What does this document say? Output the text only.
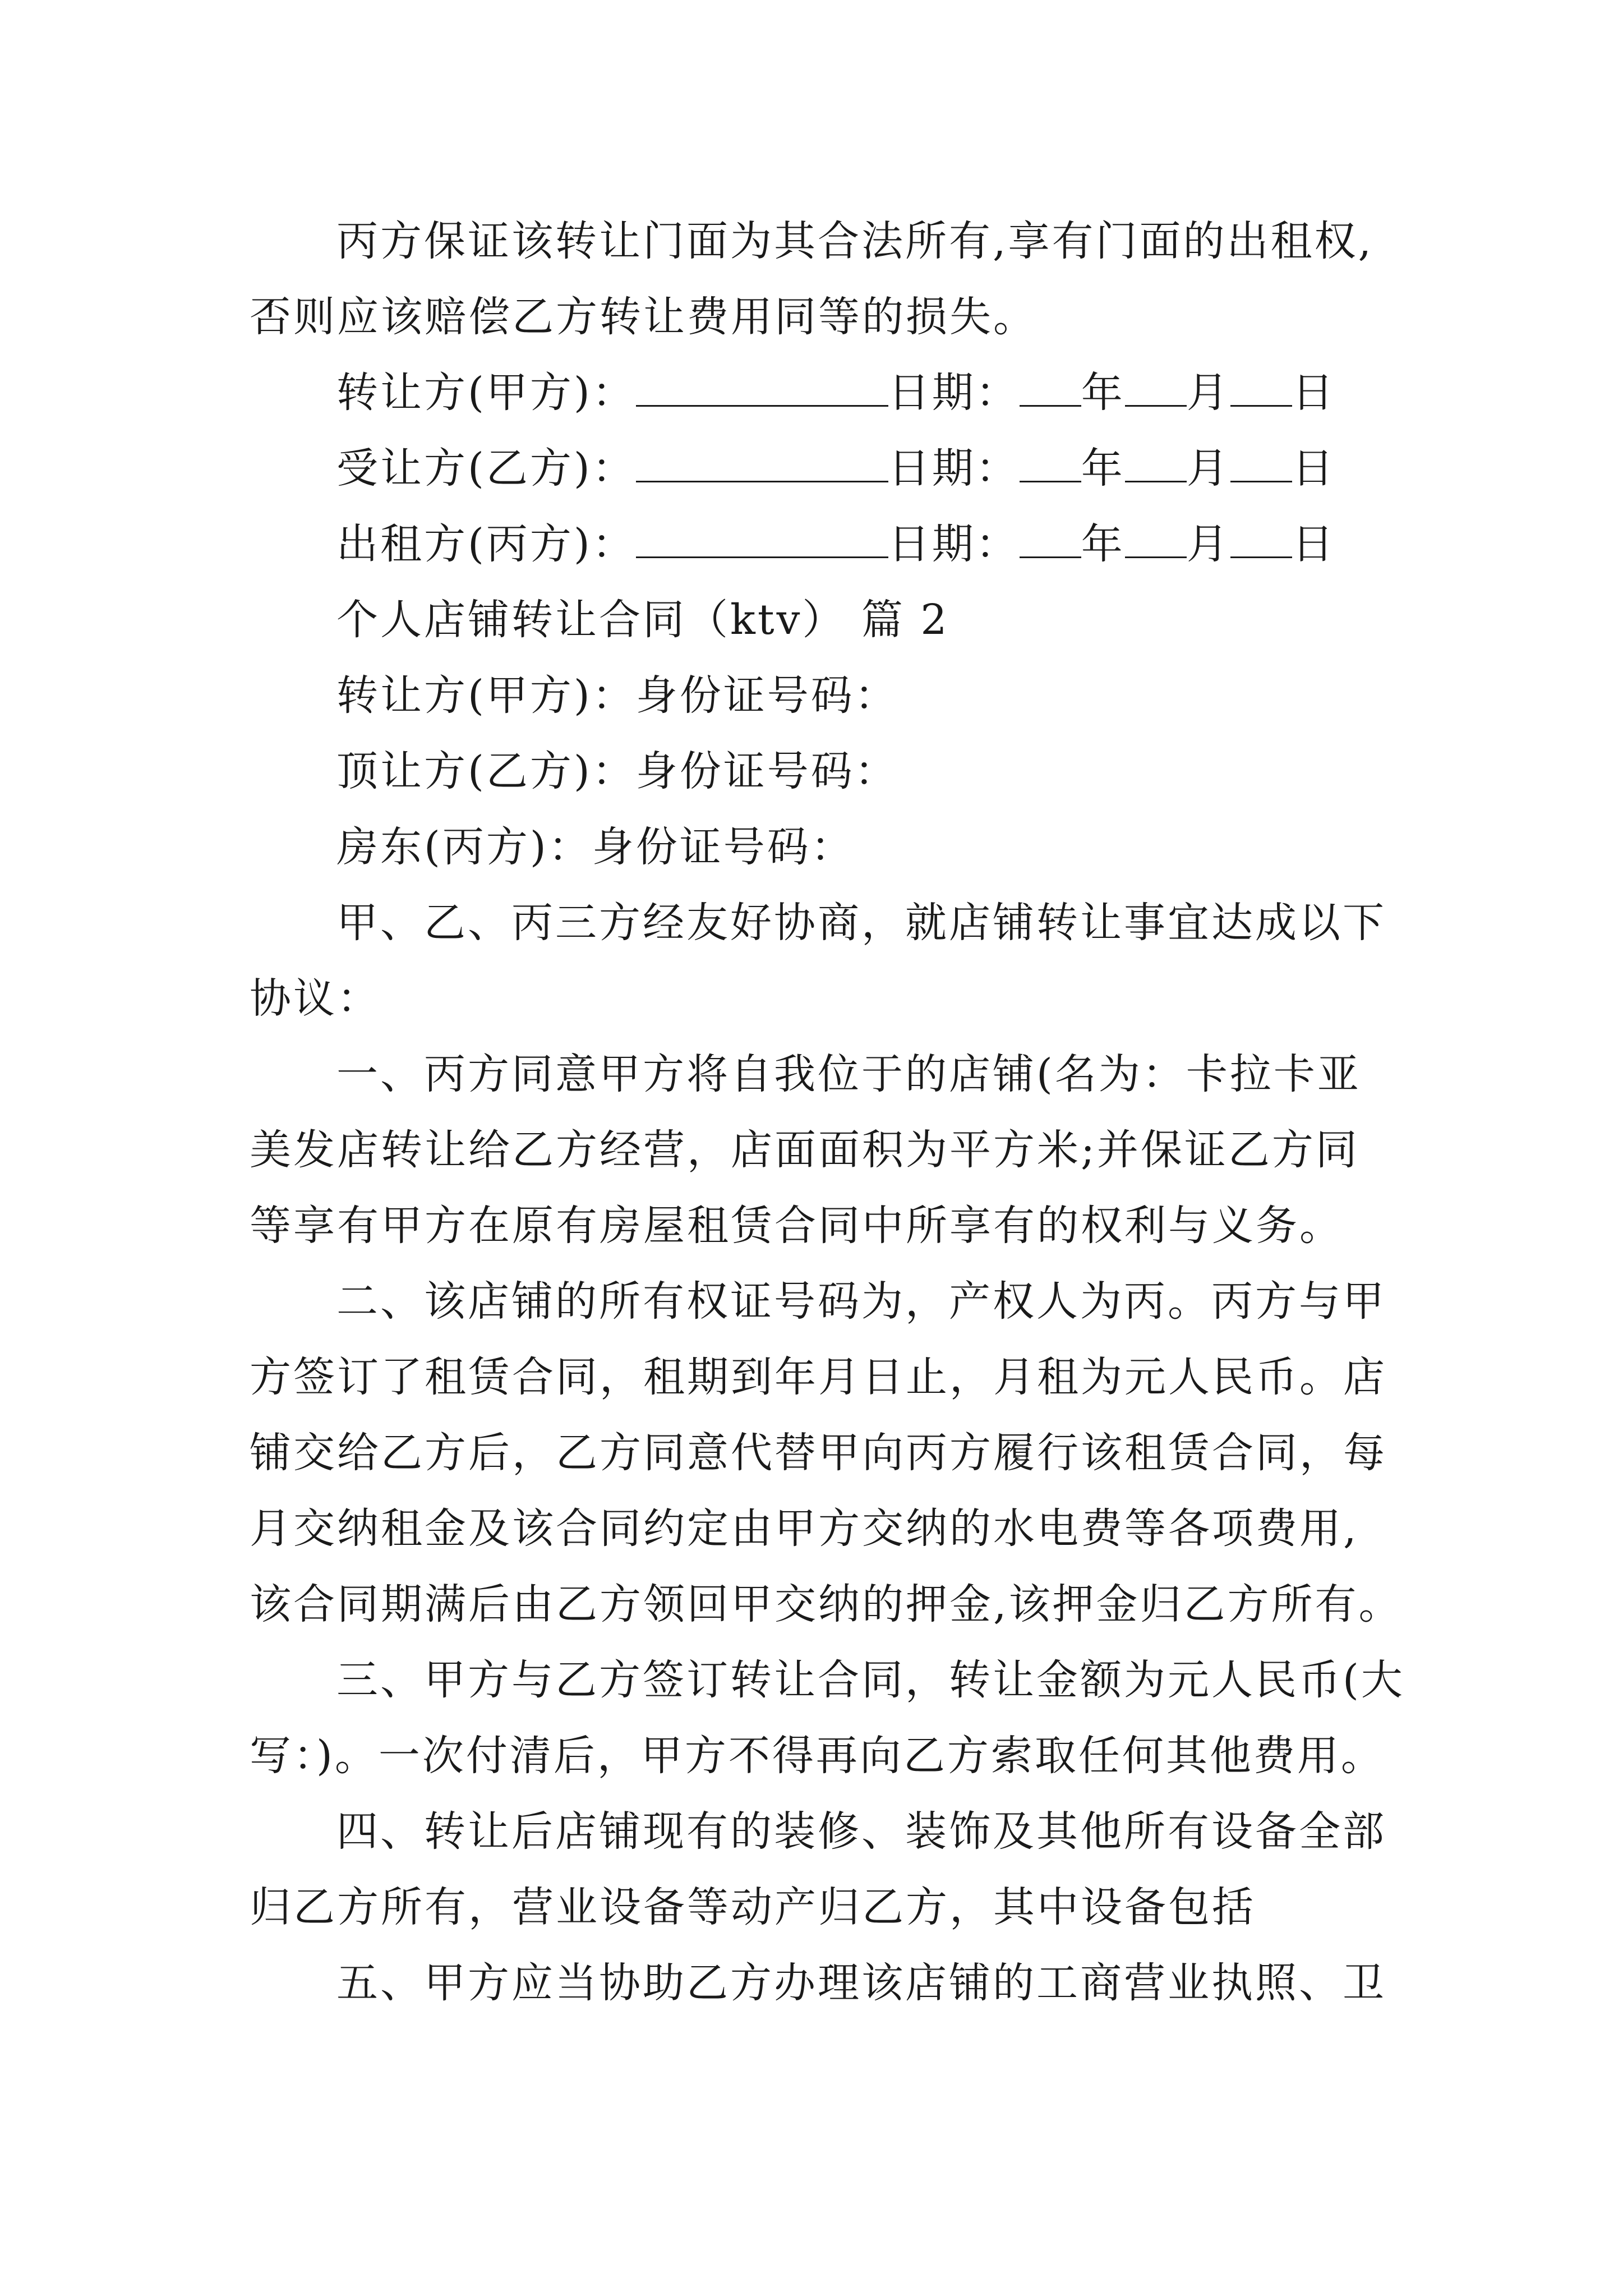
丙方保证该转让门面为其合法所有,享有门面的出租权,
否则应该赔偿乙方转让费用同等的损失。
转让方(甲方)：	日期： 年 月 日
受让方(乙方)：	日期： 年 月 日
出租方(丙方)：	日期： 年 月 日
个人店铺转让合同（ktv） 篇 2
转让方(甲方)：身份证号码：
顶让方(乙方)：身份证号码：
房东(丙方)：身份证号码：
甲、乙、丙三方经友好协商，就店铺转让事宜达成以下
协议：
一、丙方同意甲方将自我位于的店铺(名为：卡拉卡亚
美发店转让给乙方经营，店面面积为平方米;并保证乙方同
等享有甲方在原有房屋租赁合同中所享有的权利与义务。
二、该店铺的所有权证号码为，产权人为丙。丙方与甲
方签订了租赁合同，租期到年月日止，月租为元人民币。店
铺交给乙方后，乙方同意代替甲向丙方履行该租赁合同，每
月交纳租金及该合同约定由甲方交纳的水电费等各项费用,
该合同期满后由乙方领回甲交纳的押金,该押金归乙方所有。
三、甲方与乙方签订转让合同，转让金额为元人民币(大
写：)。一次付清后，甲方不得再向乙方索取任何其他费用。
四、转让后店铺现有的装修、装饰及其他所有设备全部
归乙方所有，营业设备等动产归乙方，其中设备包括
五、甲方应当协助乙方办理该店铺的工商营业执照、卫
